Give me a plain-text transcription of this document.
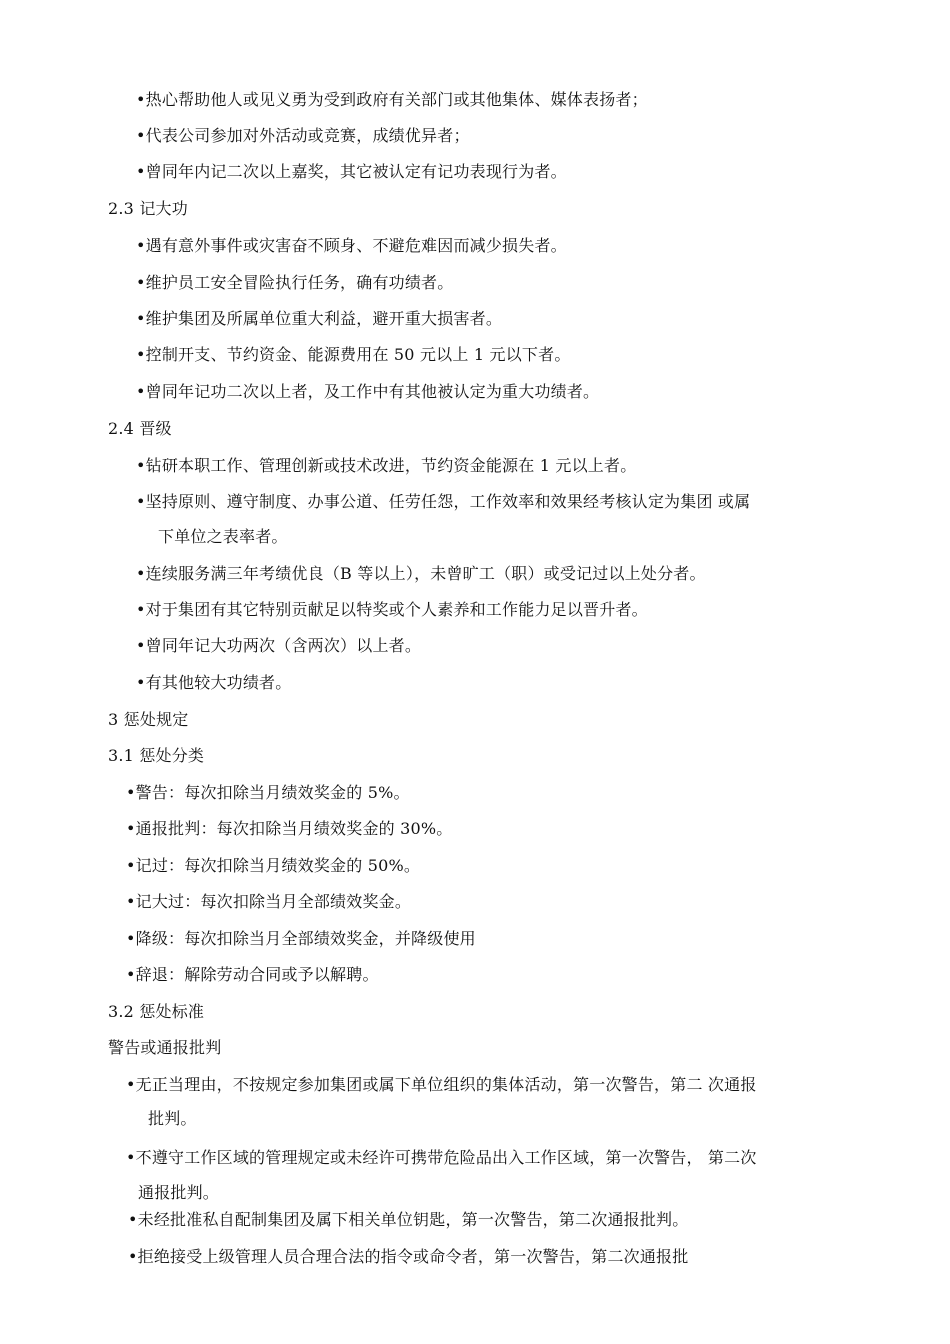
•热心帮助他人或见义勇为受到政府有关部门或其他集体、媒体表扬者；
•代表公司参加对外活动或竞赛，成绩优异者；
•曾同年内记二次以上嘉奖，其它被认定有记功表现行为者。
2.3 记大功
•遇有意外事件或灾害奋不顾身、不避危难因而减少损失者。
•维护员工安全冒险执行任务，确有功绩者。
•维护集团及所属单位重大利益，避开重大损害者。
•控制开支、节约资金、能源费用在 50 元以上 1 元以下者。
•曾同年记功二次以上者，及工作中有其他被认定为重大功绩者。
2.4 晋级
•钻研本职工作、管理创新或技术改进，节约资金能源在 1 元以上者。
•坚持原则、遵守制度、办事公道、任劳任怨，工作效率和效果经考核认定为集团 或属
下单位之表率者。
•连续服务满三年考绩优良（B 等以上），未曾旷工（职）或受记过以上处分者。
•对于集团有其它特别贡献足以特奖或个人素养和工作能力足以晋升者。
•曾同年记大功两次（含两次）以上者。
•有其他较大功绩者。
3 惩处规定
3.1 惩处分类
•警告：每次扣除当月绩效奖金的 5%。
•通报批判：每次扣除当月绩效奖金的 30%。
•记过：每次扣除当月绩效奖金的 50%。
•记大过：每次扣除当月全部绩效奖金。
•降级：每次扣除当月全部绩效奖金，并降级使用
•辞退：解除劳动合同或予以解聘。
3.2 惩处标准
警告或通报批判
•无正当理由，不按规定参加集团或属下单位组织的集体活动，第一次警告，第二 次通报
批判。
•不遵守工作区域的管理规定或未经许可携带危险品出入工作区域，第一次警告， 第二次
通报批判。
•未经批准私自配制集团及属下相关单位钥匙，第一次警告，第二次通报批判。
•拒绝接受上级管理人员合理合法的指令或命令者，第一次警告，第二次通报批
